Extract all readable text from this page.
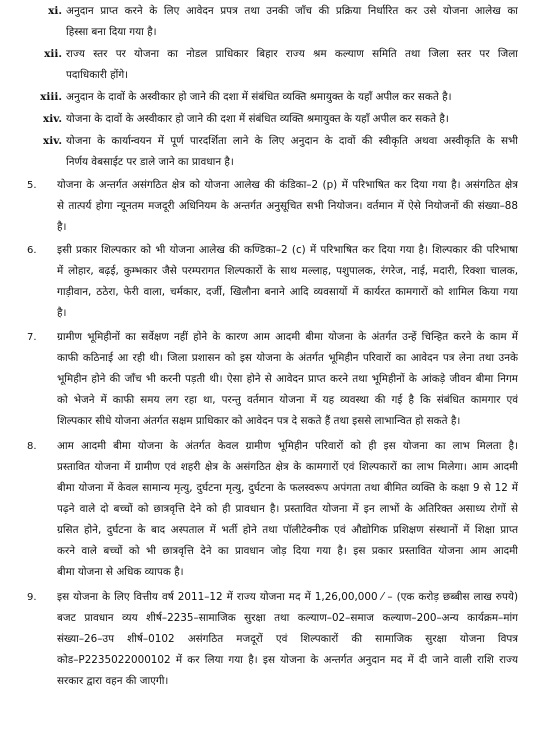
xi. अनुदान प्राप्त करने के लिए आवेदन प्रपत्र तथा उनकी जाँच की प्रक्रिया निर्धारित कर उसे योजना आलेख का
हिस्सा बना दिया गया है।
xii. राज्य स्तर पर योजना का नोडल प्राधिकार बिहार राज्य श्रम कल्याण समिति तथा जिला स्तर पर जिला
पदाधिकारी होंगे।
xiii. अनुदान के दावों के अस्वीकार हो जाने की दशा में संबंधित व्यक्ति श्रमायुक्त के यहाँ अपील कर सकते है।
xiv. योजना के दावों के अस्वीकार हो जाने की दशा में संबंधित व्यक्ति श्रमायुक्त के यहाँ अपील कर सकते है।
xiv. योजना के कार्यान्वयन में पूर्ण पारदर्शिता लाने के लिए अनुदान के दावों की स्वीकृति अथवा अस्वीकृति के सभी
निर्णय वेबसाईट पर डाले जाने का प्रावधान है।
5.	योजना के अन्तर्गत असंगठित क्षेत्र को योजना आलेख की कंडिका–2 (p) में परिभाषित कर दिया गया है। असंगठित क्षेत्र
से तात्पर्य होगा न्यूनतम मजदूरी अधिनियम के अन्तर्गत अनुसूचित सभी नियोजन। वर्तमान में ऐसे नियोजनों की संख्या–88
है।
6.	इसी प्रकार शिल्पकार को भी योजना आलेख की कण्डिका–2 (c) में परिभाषित कर दिया गया है। शिल्पकार की परिभाषा
में लोहार, बढ़ई, कुम्भकार जैसे परम्परागत शिल्पकारों के साथ मल्लाह, पशुपालक, रंगरेज, नाई, मदारी, रिक्शा चालक,
गाड़ीवान, ठठेरा, फेरी वाला, चर्मकार, दर्जी, खिलौना बनाने आदि व्यवसायों में कार्यरत कामगारों को शामिल किया गया
है।
7.	ग्रामीण भूमिहीनों का सर्वेक्षण नहीं होने के कारण आम आदमी बीमा योजना के अंतर्गत उन्हें चिन्हित करने के काम में
काफी कठिनाई आ रही थी। जिला प्रशासन को इस योजना के अंतर्गत भूमिहीन परिवारों का आवेदन पत्र लेना तथा उनके
भूमिहीन होने की जाँच भी करनी पड़ती थी। ऐसा होने से आवेदन प्राप्त करने तथा भूमिहीनों के आंकड़े जीवन बीमा निगम
को भेजने में काफी समय लग रहा था, परन्तु वर्तमान योजना में यह व्यवस्था की गई है कि संबंधित कामगार एवं
शिल्पकार सीधे योजना अंतर्गत सक्षम प्राधिकार को आवेदन पत्र दे सकते हैं तथा इससे लाभान्वित हो सकते है।
8.	आम आदमी बीमा योजना के अंतर्गत केवल ग्रामीण भूमिहीन परिवारों को ही इस योजना का लाभ मिलता है।
प्रस्तावित योजना में ग्रामीण एवं शहरी क्षेत्र के असंगठित क्षेत्र के कामगारों एवं शिल्पकारों का लाभ मिलेगा। आम आदमी
बीमा योजना में केवल सामान्य मृत्यु, दुर्घटना मृत्यु, दुर्घटना के फलस्वरूप अपंगता तथा बीमित व्यक्ति के कक्षा 9 से 12 में
पढ़ने वाले दो बच्चों को छात्रवृत्ति देने को ही प्रावधान है। प्रस्तावित योजना में इन लाभों के अतिरिक्त असाध्य रोगों से
ग्रसित होने, दुर्घटना के बाद अस्पताल में भर्ती होने तथा पॉलीटेक्नीक एवं औद्योगिक प्रशिक्षण संस्थानों में शिक्षा प्राप्त
करने वाले बच्चों को भी छात्रवृत्ति देने का प्रावधान जोड़ दिया गया है। इस प्रकार प्रस्तावित योजना आम आदमी
बीमा योजना से अधिक व्यापक है।
9.	इस योजना के लिए वित्तीय वर्ष 2011–12 में राज्य योजना मद में 1,26,00,000 ⁄ – (एक करोड़ छब्बीस लाख रुपये)
बजट प्रावधान व्यय शीर्ष–2235–सामाजिक सुरक्षा तथा कल्याण–02–समाज कल्याण–200–अन्य कार्यक्रम–मांग
संख्या–26–उप शीर्ष–0102 असंगठित मजदूरों एवं शिल्पकारों की सामाजिक सुरक्षा योजना विपत्र
कोड–P2235022000102 में कर लिया गया है। इस योजना के अन्तर्गत अनुदान मद में दी जाने वाली राशि राज्य
सरकार द्वारा वहन की जाएगी।
